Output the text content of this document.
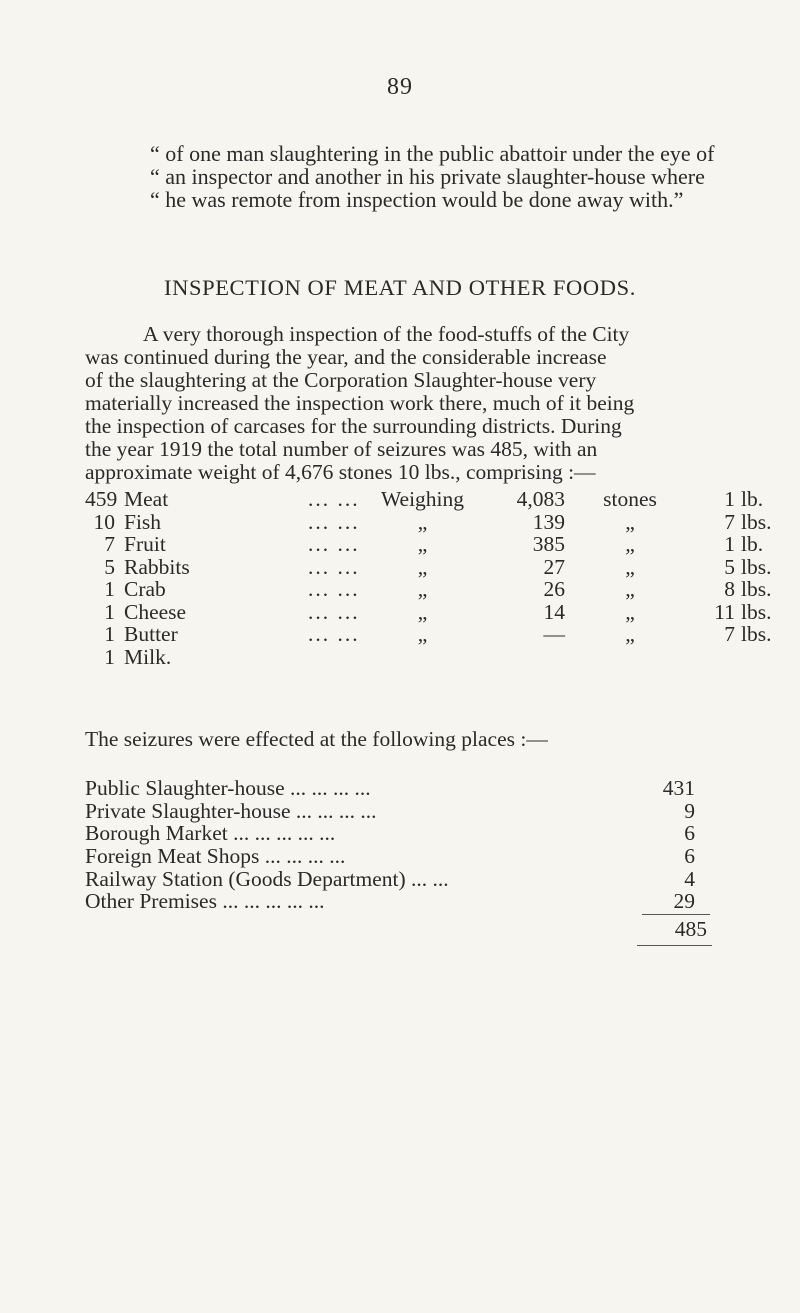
89
“ of one man slaughtering in the public abattoir under the eye of
“ an inspector and another in his private slaughter-house where
“ he was remote from inspection would be done away with.”
INSPECTION OF MEAT AND OTHER FOODS.
A very thorough inspection of the food-stuffs of the City
was continued during the year, and the considerable increase
of the slaughtering at the Corporation Slaughter-house very
materially increased the inspection work there, much of it being
the inspection of carcases for the surrounding districts. During
the year 1919 the total number of seizures was 485, with an
approximate weight of 4,676 stones 10 lbs., comprising :—
459 Meat	... ... Weighing	4,083	stones	1 lb.
10 Fish	... ...	„	139	„	7 lbs.
7 Fruit	... ...	„	385	„	1 lb.
5 Rabbits	... ...	„	27	„	5 lbs.
1 Crab	... ...	„	26	„	8 lbs.
1 Cheese	... ...	„	14	„	11 lbs.
1 Butter	... ...	„	—	„	7 lbs.
1 Milk.
The seizures were effected at the following places :—
Public Slaughter-house ... ... ... ...	431
Private Slaughter-house ... ... ... ...	9
Borough Market ... ... ... ... ...	6
Foreign Meat Shops ... ... ... ...	6
Railway Station (Goods Department) ... ...	4
Other Premises ... ... ... ... ...	29
485
